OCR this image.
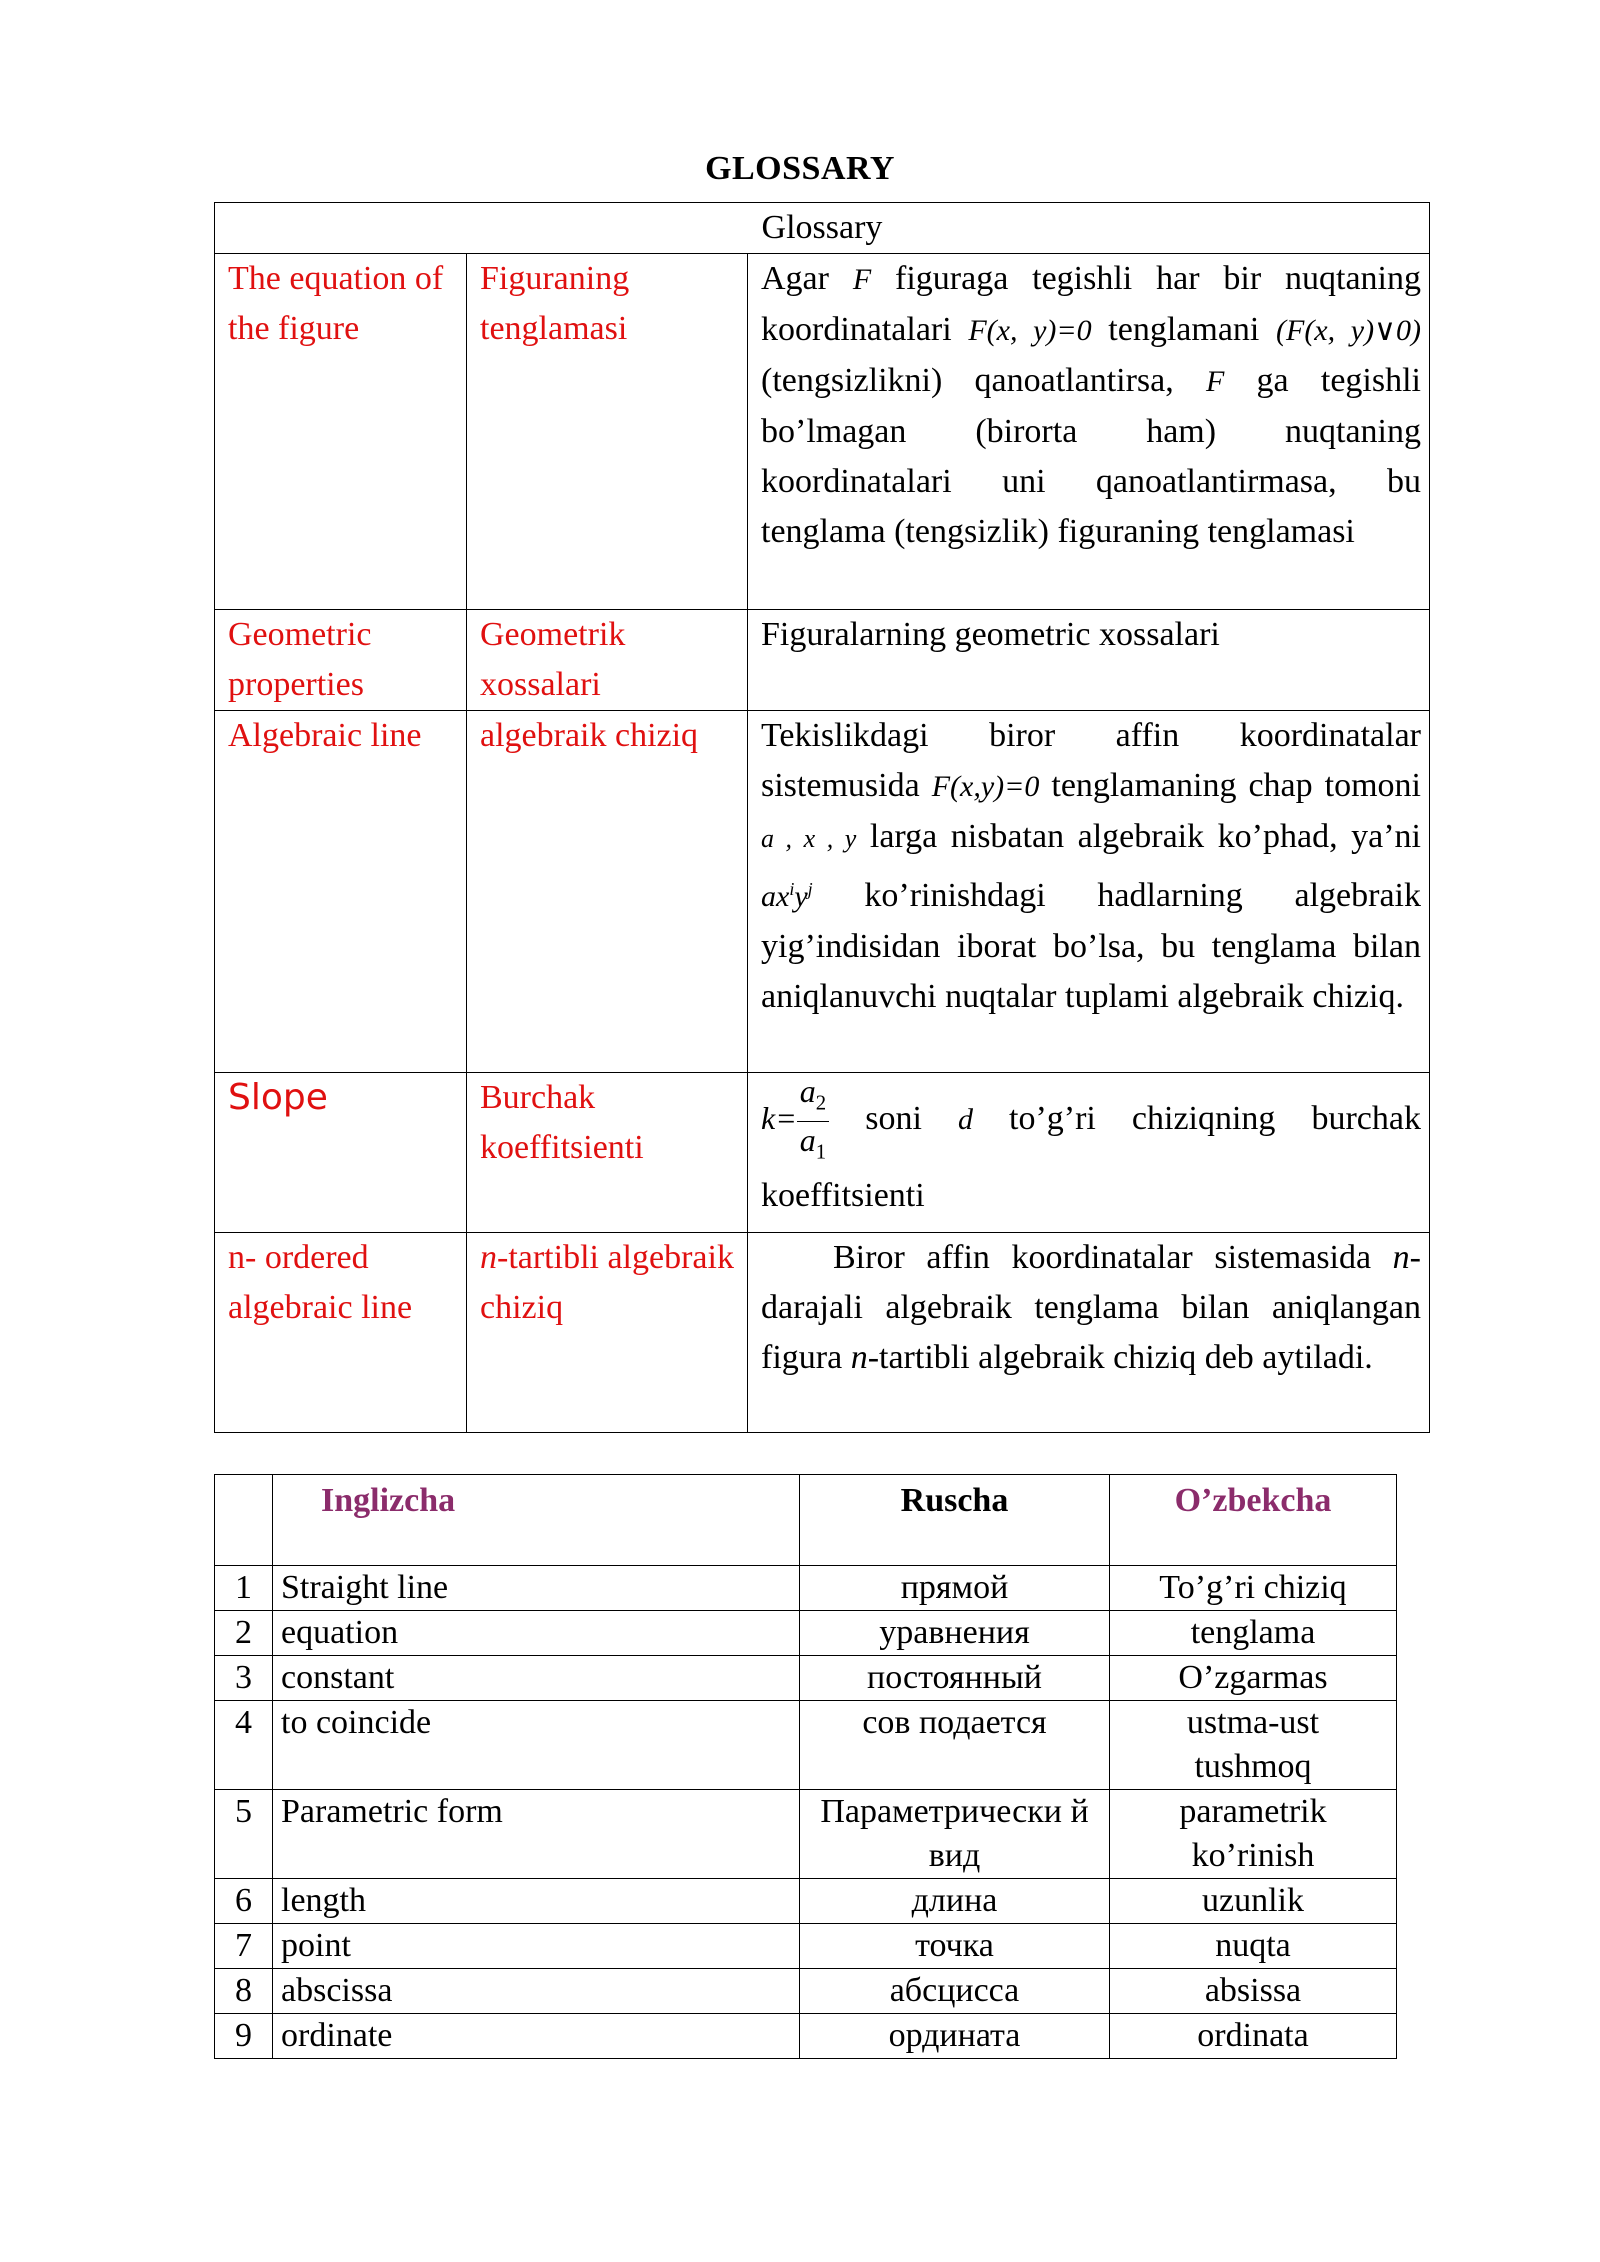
GLOSSARY
Glossary		
The equation of the figure	Figuraning tenglamasi	Agar F figuraga tegishli har bir nuqtaning koordinatalari F(x, y)=0 tenglamani (F(x, y)∨0) (tengsizlikni) qanoatlantirsa, F ga tegishli bo’lmagan (birorta ham) nuqtaning koordinatalari uni qanoatlantirmasa, bu tenglama (tengsizlik) figuraning tenglamasi
Geometric properties	Geometrik xossalari	Figuralarning geometric xossalari
Algebraic line	algebraik chiziq	Tekislikdagi biror affin koordinatalar sistemusida F(x,y)=0 tenglamaning chap tomoni a , x , y larga nisbatan algebraik ko’phad, ya’ni $ax^iy^j$ ko’rinishdagi hadlarning algebraik yig’indisidan iborat bo’lsa, bu tenglama bilan aniqlanuvchi nuqtalar tuplami algebraik chiziq.
Slope	Burchak koeffitsienti	$k= \frac{a_2}{a_1}$ soni d to’g’ri chiziqning burchak koeffitsienti
n- ordered algebraic line	n-tartibli algebraik chiziq	Biror affin koordinatalar sistemasida n-darajali algebraik tenglama bilan aniqlangan figura n-tartibli algebraik chiziq deb aytiladi.
	Inglizcha	Ruscha	O’zbekcha
1	Straight line	прямой	To’g’ri chiziq
2	equation	уравнения	tenglama
3	constant	постоянный	O’zgarmas
4	to coincide	сов подается	ustma-ust tushmoq
5	Parametric form	Параметрически й вид	parametrik ko’rinish
6	length	длина	uzunlik
7	point	точка	nuqta
8	abscissa	абсцисса	absissa
9	ordinate	ордината	ordinata
